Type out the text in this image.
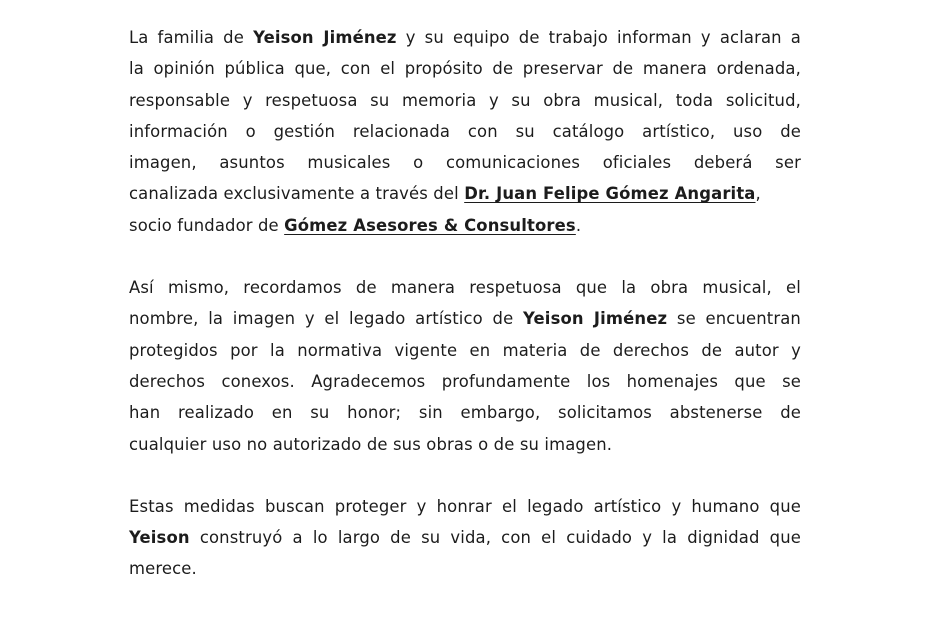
La familia de Yeison Jiménez y su equipo de trabajo informan y aclaran a
la opinión pública que, con el propósito de preservar de manera ordenada,
responsable y respetuosa su memoria y su obra musical, toda solicitud,
información o gestión relacionada con su catálogo artístico, uso de
imagen, asuntos musicales o comunicaciones oficiales deberá ser
canalizada exclusivamente a través del Dr. Juan Felipe Gómez Angarita,
socio fundador de Gómez Asesores & Consultores.

Así mismo, recordamos de manera respetuosa que la obra musical, el
nombre, la imagen y el legado artístico de Yeison Jiménez se encuentran
protegidos por la normativa vigente en materia de derechos de autor y
derechos conexos. Agradecemos profundamente los homenajes que se
han realizado en su honor; sin embargo, solicitamos abstenerse de
cualquier uso no autorizado de sus obras o de su imagen.

Estas medidas buscan proteger y honrar el legado artístico y humano que
Yeison construyó a lo largo de su vida, con el cuidado y la dignidad que
merece.
